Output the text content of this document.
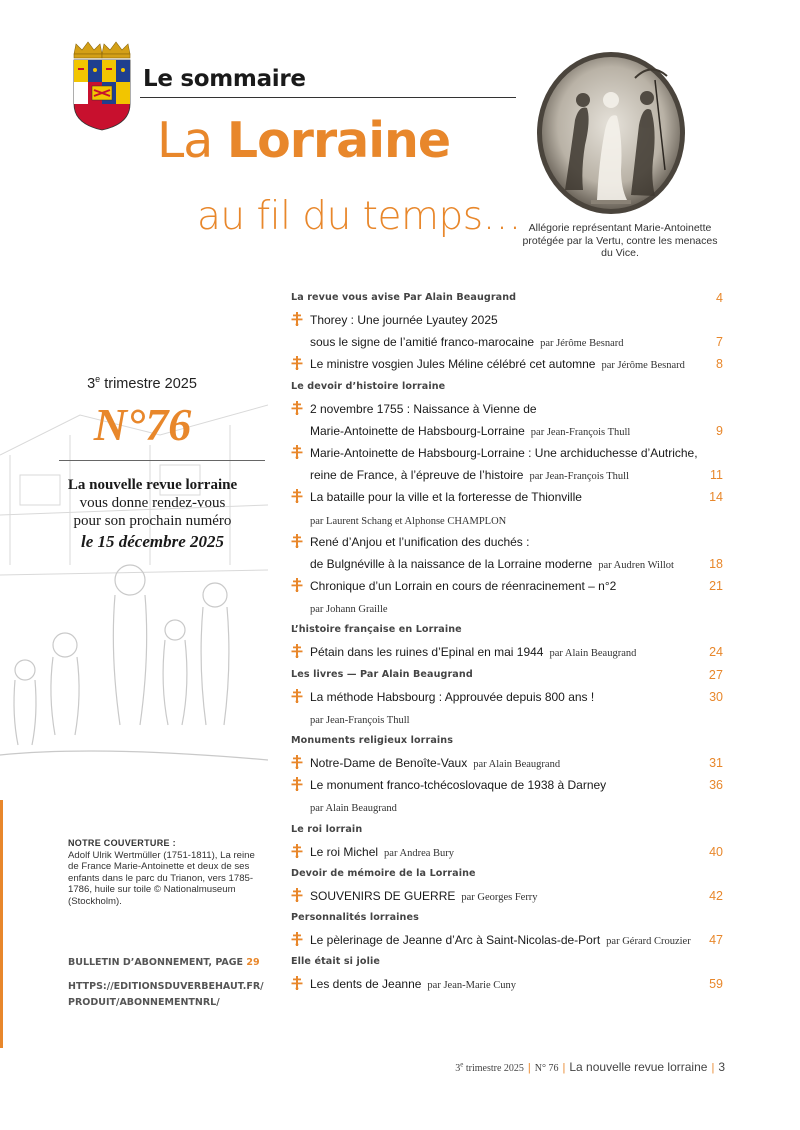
Le sommaire
La Lorraine
au fil du temps… Allégorie représentant Marie-Antoinette protégée par la Vertu, contre les menaces du Vice.
3e trimestre 2025
N°76
La nouvelle revue lorraine
vous donne rendez-vous
pour son prochain numéro
le 15 décembre 2025
NOTRE COUVERTURE :
Adolf Ulrik Wertmüller (1751-1811), La reine de France Marie-Antoinette et deux de ses enfants dans le parc du Trianon, vers 1785-1786, huile sur toile © Nationalmuseum (Stockholm).
BULLETIN D’ABONNEMENT, PAGE 29
HTTPS://EDITIONSDUVERBEHAUT.FR/
PRODUIT/ABONNEMENTNRL/
La revue vous avise Par Alain Beaugrand	4
Thorey : Une journée Lyautey 2025
sous le signe de l’amitié franco-marocaine par Jérôme Besnard	7
Le ministre vosgien Jules Méline célébré cet automne par Jérôme Besnard 8
Le devoir d’histoire lorraine
2 novembre 1755 : Naissance à Vienne de
Marie-Antoinette de Habsbourg-Lorraine par Jean-François Thull	9
Marie-Antoinette de Habsbourg-Lorraine : Une archiduchesse d’Autriche,
reine de France, à l’épreuve de l’histoire par Jean-François Thull	11
La bataille pour la ville et la forteresse de Thionville	14
par Laurent Schang et Alphonse CHAMPLON
René d’Anjou et l’unification des duchés :
de Bulgnéville à la naissance de la Lorraine moderne par Audren Willot	18
Chronique d’un Lorrain en cours de réenracinement – n°2	21
par Johann Graille
L’histoire française en Lorraine
Pétain dans les ruines d’Epinal en mai 1944 par Alain Beaugrand	24
Les livres — Par Alain Beaugrand	27
La méthode Habsbourg : Approuvée depuis 800 ans !	30
par Jean-François Thull
Monuments religieux lorrains
Notre-Dame de Benoîte-Vaux par Alain Beaugrand	31
Le monument franco-tchécoslovaque de 1938 à Darney	36
par Alain Beaugrand
Le roi lorrain
Le roi Michel par Andrea Bury	40
Devoir de mémoire de la Lorraine
SOUVENIRS DE GUERRE par Georges Ferry	42
Personnalités lorraines
Le pèlerinage de Jeanne d’Arc à Saint-Nicolas-de-Port par Gérard Crouzier 47
Elle était si jolie
Les dents de Jeanne par Jean-Marie Cuny	59
3e trimestre 2025 | N° 76 | La nouvelle revue lorraine | 3
